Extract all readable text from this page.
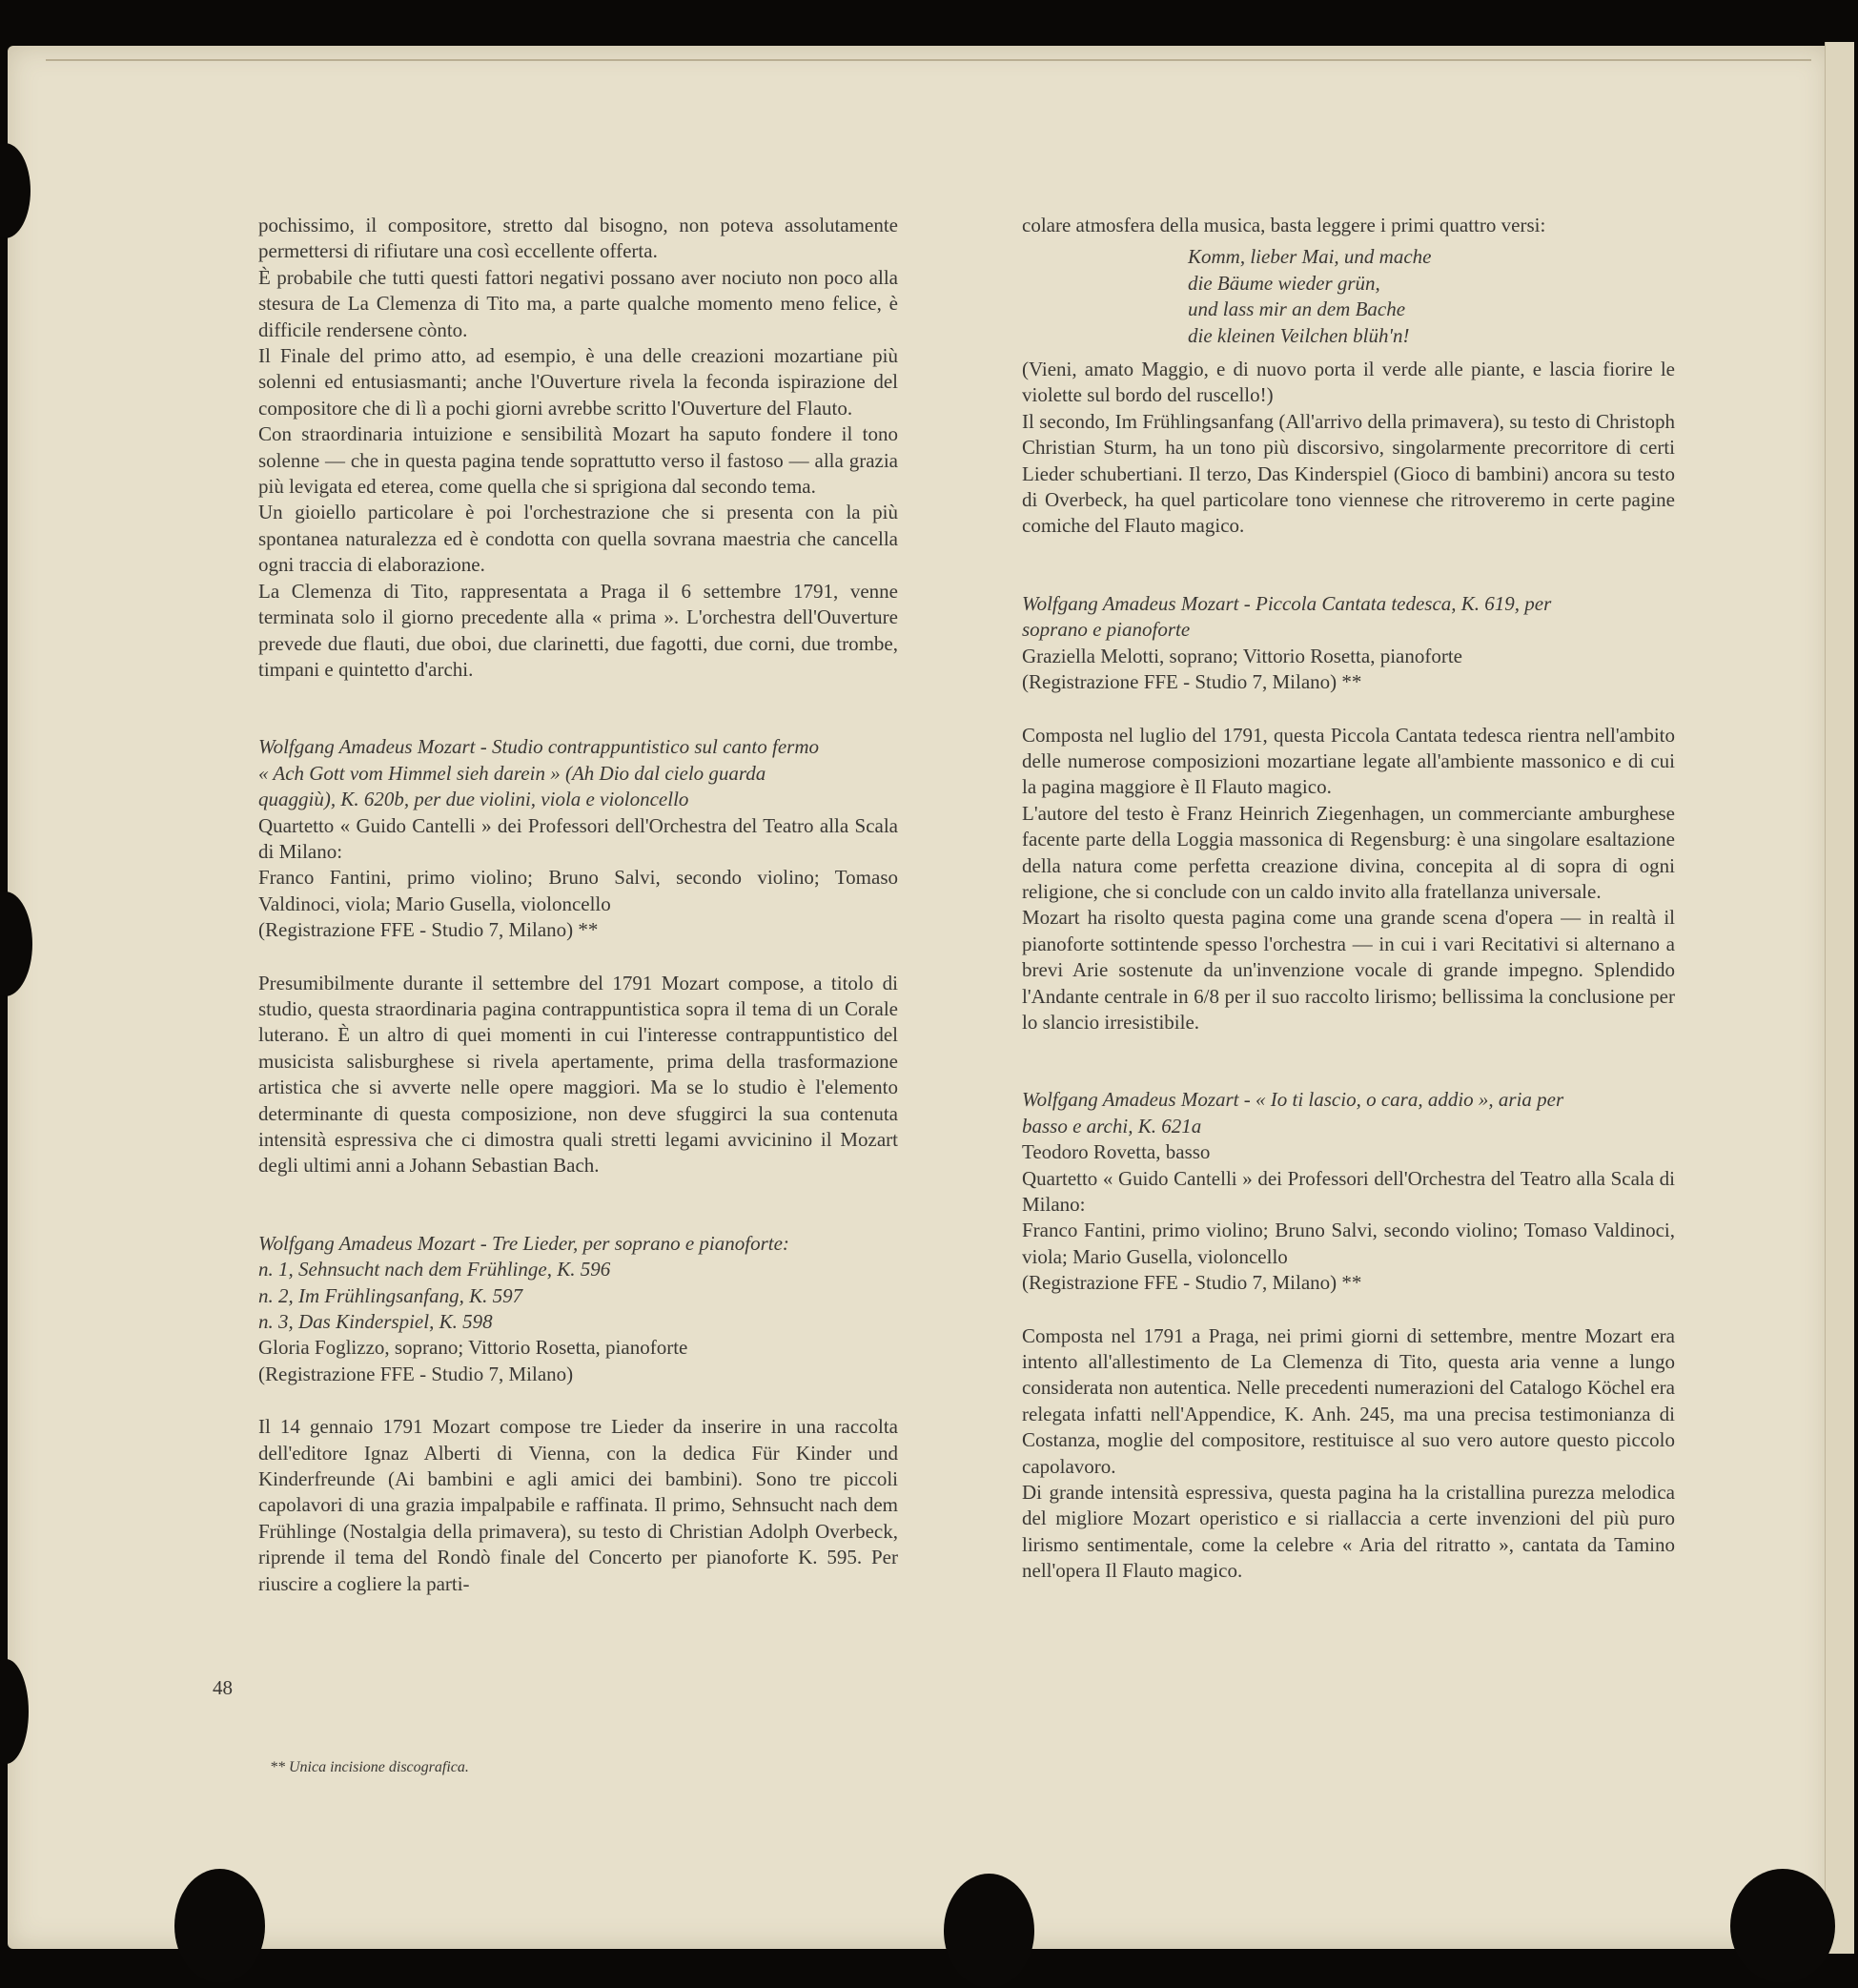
pochissimo, il compositore, stretto dal bisogno, non poteva assolutamente permettersi di rifiutare una così eccellente offerta.

È probabile che tutti questi fattori negativi possano aver nociuto non poco alla stesura de La Clemenza di Tito ma, a parte qualche momento meno felice, è difficile rendersene cònto.

Il Finale del primo atto, ad esempio, è una delle creazioni mozartiane più solenni ed entusiasmanti; anche l'Ouverture rivela la feconda ispirazione del compositore che di lì a pochi giorni avrebbe scritto l'Ouverture del Flauto.

Con straordinaria intuizione e sensibilità Mozart ha saputo fondere il tono solenne — che in questa pagina tende soprattutto verso il fastoso — alla grazia più levigata ed eterea, come quella che si sprigiona dal secondo tema.

Un gioiello particolare è poi l'orchestrazione che si presenta con la più spontanea naturalezza ed è condotta con quella sovrana maestria che cancella ogni traccia di elaborazione.

La Clemenza di Tito, rappresentata a Praga il 6 settembre 1791, venne terminata solo il giorno precedente alla « prima ». L'orchestra dell'Ouverture prevede due flauti, due oboi, due clarinetti, due fagotti, due corni, due trombe, timpani e quintetto d'archi.

Wolfgang Amadeus Mozart - Studio contrappuntistico sul canto fermo
« Ach Gott vom Himmel sieh darein » (Ah Dio dal cielo guarda
quaggiù), K. 620b, per due violini, viola e violoncello
Quartetto « Guido Cantelli » dei Professori dell'Orchestra del Teatro alla Scala di Milano:
Franco Fantini, primo violino; Bruno Salvi, secondo violino; Tomaso Valdinoci, viola; Mario Gusella, violoncello
(Registrazione FFE - Studio 7, Milano) **

Presumibilmente durante il settembre del 1791 Mozart compose, a titolo di studio, questa straordinaria pagina contrappuntistica sopra il tema di un Corale luterano. È un altro di quei momenti in cui l'interesse contrappuntistico del musicista salisburghese si rivela apertamente, prima della trasformazione artistica che si avverte nelle opere maggiori. Ma se lo studio è l'elemento determinante di questa composizione, non deve sfuggirci la sua contenuta intensità espressiva che ci dimostra quali stretti legami avvicinino il Mozart degli ultimi anni a Johann Sebastian Bach.

Wolfgang Amadeus Mozart - Tre Lieder, per soprano e pianoforte:
n. 1, Sehnsucht nach dem Frühlinge, K. 596
n. 2, Im Frühlingsanfang, K. 597
n. 3, Das Kinderspiel, K. 598
Gloria Foglizzo, soprano; Vittorio Rosetta, pianoforte
(Registrazione FFE - Studio 7, Milano)

Il 14 gennaio 1791 Mozart compose tre Lieder da inserire in una raccolta dell'editore Ignaz Alberti di Vienna, con la dedica Für Kinder und Kinderfreunde (Ai bambini e agli amici dei bambini). Sono tre piccoli capolavori di una grazia impalpabile e raffinata. Il primo, Sehnsucht nach dem Frühlinge (Nostalgia della primavera), su testo di Christian Adolph Overbeck, riprende il tema del Rondò finale del Concerto per pianoforte K. 595. Per riuscire a cogliere la parti-

48
** Unica incisione discografica.

colare atmosfera della musica, basta leggere i primi quattro versi:

Komm, lieber Mai, und mache
die Bäume wieder grün,
und lass mir an dem Bache
die kleinen Veilchen blüh'n!

(Vieni, amato Maggio, e di nuovo porta il verde alle piante, e lascia fiorire le violette sul bordo del ruscello!)

Il secondo, Im Frühlingsanfang (All'arrivo della primavera), su testo di Christoph Christian Sturm, ha un tono più discorsivo, singolarmente precorritore di certi Lieder schubertiani. Il terzo, Das Kinderspiel (Gioco di bambini) ancora su testo di Overbeck, ha quel particolare tono viennese che ritroveremo in certe pagine comiche del Flauto magico.

Wolfgang Amadeus Mozart - Piccola Cantata tedesca, K. 619, per
soprano e pianoforte
Graziella Melotti, soprano; Vittorio Rosetta, pianoforte
(Registrazione FFE - Studio 7, Milano) **

Composta nel luglio del 1791, questa Piccola Cantata tedesca rientra nell'ambito delle numerose composizioni mozartiane legate all'ambiente massonico e di cui la pagina maggiore è Il Flauto magico.

L'autore del testo è Franz Heinrich Ziegenhagen, un commerciante amburghese facente parte della Loggia massonica di Regensburg: è una singolare esaltazione della natura come perfetta creazione divina, concepita al di sopra di ogni religione, che si conclude con un caldo invito alla fratellanza universale.

Mozart ha risolto questa pagina come una grande scena d'opera — in realtà il pianoforte sottintende spesso l'orchestra — in cui i vari Recitativi si alternano a brevi Arie sostenute da un'invenzione vocale di grande impegno. Splendido l'Andante centrale in 6/8 per il suo raccolto lirismo; bellissima la conclusione per lo slancio irresistibile.

Wolfgang Amadeus Mozart - « Io ti lascio, o cara, addio », aria per
basso e archi, K. 621a
Teodoro Rovetta, basso
Quartetto « Guido Cantelli » dei Professori dell'Orchestra del Teatro alla Scala di Milano:
Franco Fantini, primo violino; Bruno Salvi, secondo violino; Tomaso Valdinoci, viola; Mario Gusella, violoncello
(Registrazione FFE - Studio 7, Milano) **

Composta nel 1791 a Praga, nei primi giorni di settembre, mentre Mozart era intento all'allestimento de La Clemenza di Tito, questa aria venne a lungo considerata non autentica. Nelle precedenti numerazioni del Catalogo Köchel era relegata infatti nell'Appendice, K. Anh. 245, ma una precisa testimonianza di Costanza, moglie del compositore, restituisce al suo vero autore questo piccolo capolavoro.

Di grande intensità espressiva, questa pagina ha la cristallina purezza melodica del migliore Mozart operistico e si riallaccia a certe invenzioni del più puro lirismo sentimentale, come la celebre « Aria del ritratto », cantata da Tamino nell'opera Il Flauto magico.
